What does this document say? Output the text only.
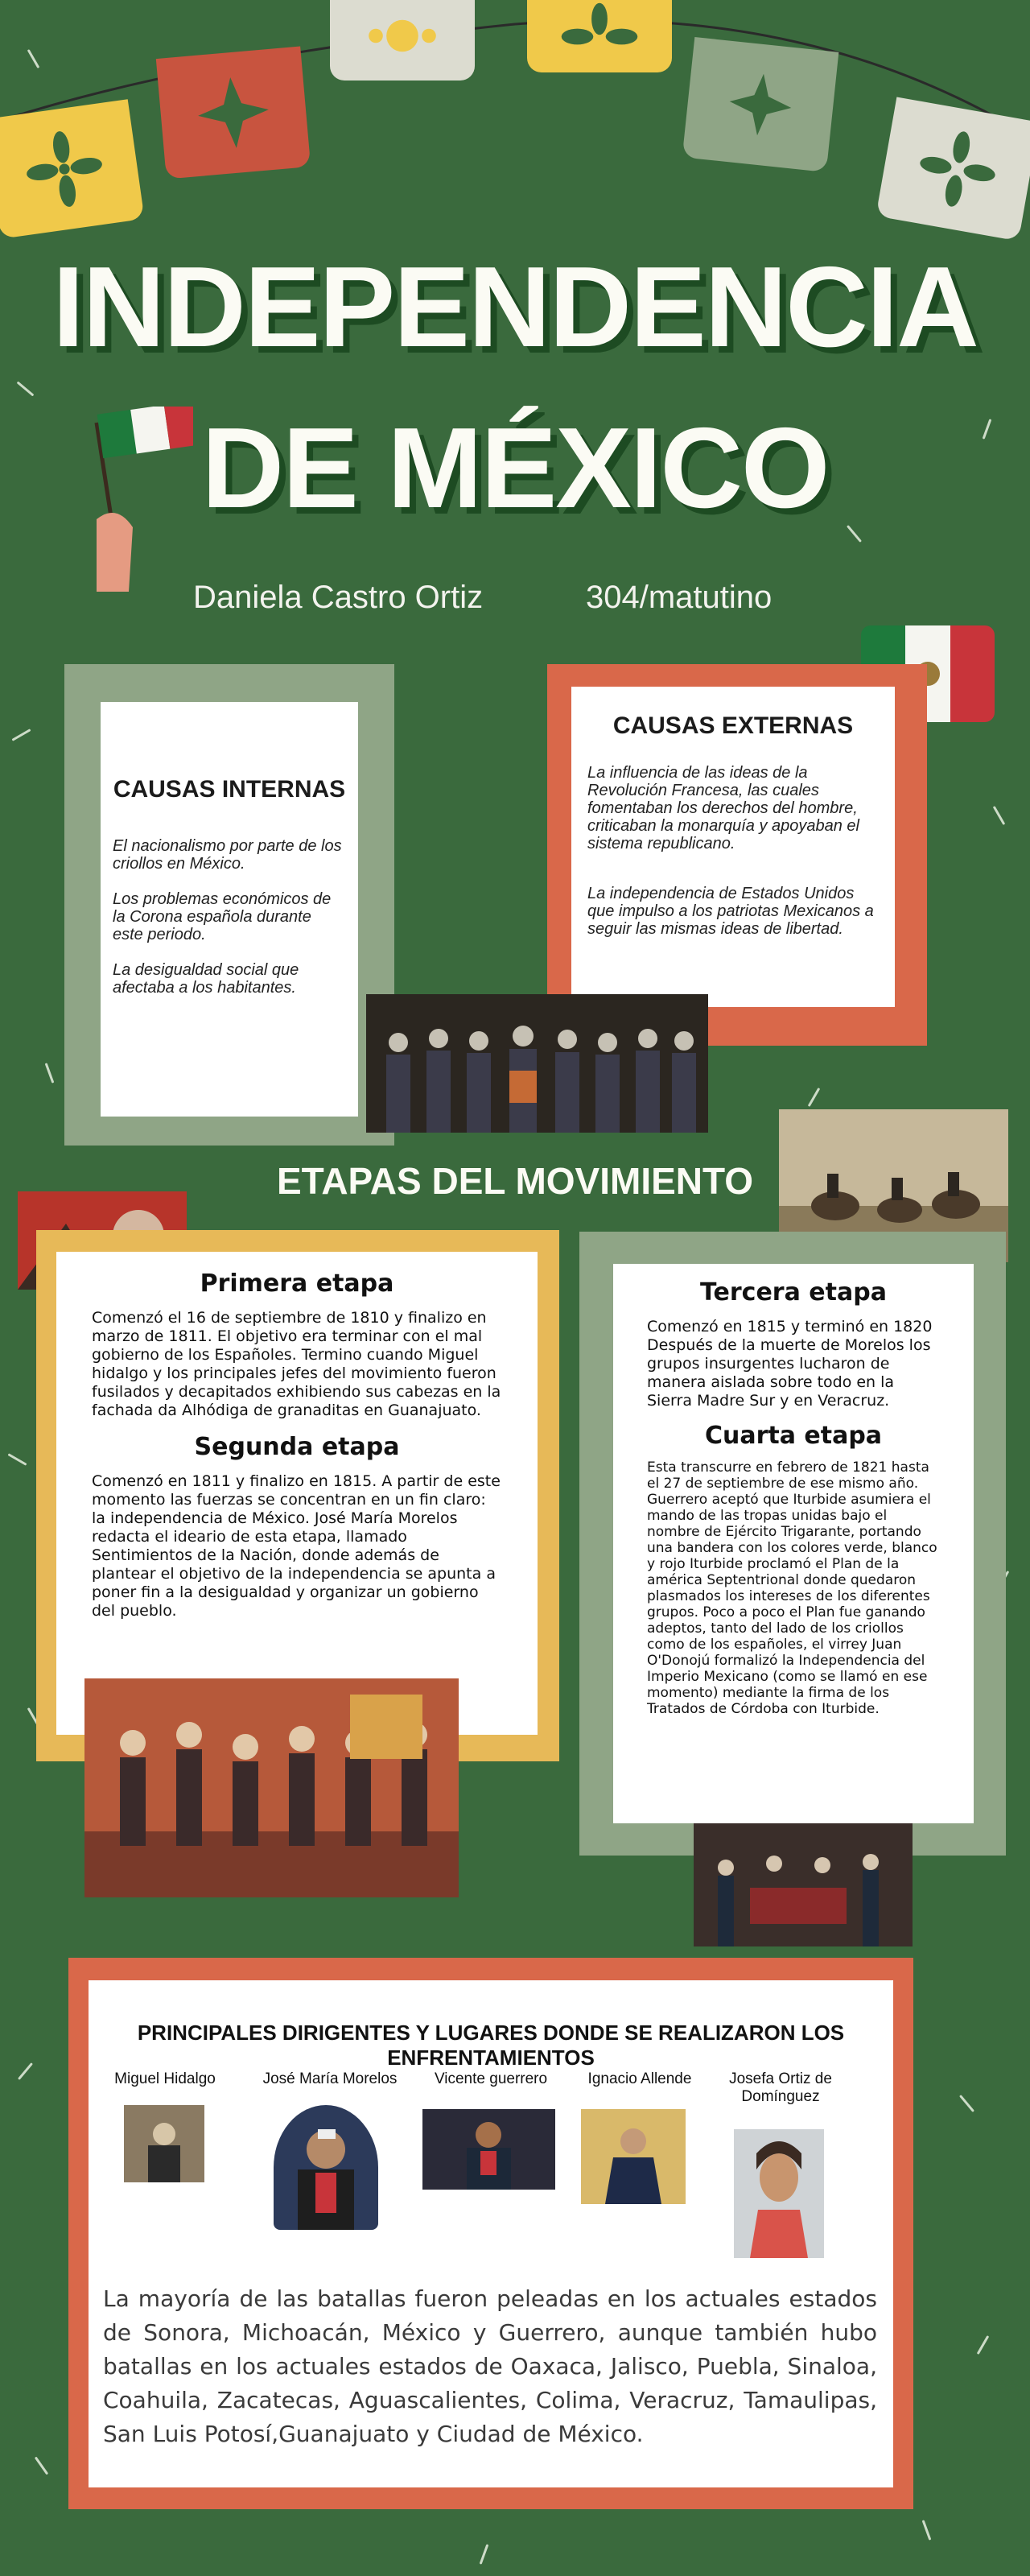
INDEPENDENCIA
DE MÉXICO
Daniela Castro Ortiz	304/matutino
CAUSAS INTERNAS
El nacionalismo por parte de los criollos en México.
Los problemas económicos de la Corona española durante este periodo.
La desigualdad social que afectaba a los habitantes.
CAUSAS EXTERNAS
La influencia de las ideas de la Revolución Francesa, las cuales fomentaban los derechos del hombre, criticaban la monarquía y apoyaban el sistema republicano.
La independencia de Estados Unidos que impulso a los patriotas Mexicanos a seguir las mismas ideas de libertad.
ETAPAS DEL MOVIMIENTO
Primera etapa
Comenzó el 16 de septiembre de 1810 y finalizo en marzo de 1811. El objetivo era terminar con el mal gobierno de los Españoles. Termino cuando Miguel hidalgo y los principales jefes del movimiento fueron fusilados y decapitados exhibiendo sus cabezas en la fachada da Alhódiga de granaditas en Guanajuato.
Segunda etapa
Comenzó en 1811 y finalizo en 1815. A partir de este momento las fuerzas se concentran en un fin claro: la independencia de México. José María Morelos redacta el ideario de esta etapa, llamado Sentimientos de la Nación, donde además de plantear el objetivo de la independencia se apunta a poner fin a la desigualdad y organizar un gobierno del pueblo.
Tercera etapa
Comenzó en 1815 y terminó en 1820 Después de la muerte de Morelos los grupos insurgentes lucharon de manera aislada sobre todo en la Sierra Madre Sur y en Veracruz.
Cuarta etapa
Esta transcurre en febrero de 1821 hasta el 27 de septiembre de ese mismo año. Guerrero aceptó que Iturbide asumiera el mando de las tropas unidas bajo el nombre de Ejército Trigarante, portando una bandera con los colores verde, blanco y rojo Iturbide proclamó el Plan de la américa Septentrional donde quedaron plasmados los intereses de los diferentes grupos. Poco a poco el Plan fue ganando adeptos, tanto del lado de los criollos como de los españoles, el virrey Juan O'Donojú formalizó la Independencia del Imperio Mexicano (como se llamó en ese momento) mediante la firma de los Tratados de Córdoba con Iturbide.
PRINCIPALES DIRIGENTES Y LUGARES DONDE SE REALIZARON LOS ENFRENTAMIENTOS
Miguel Hidalgo	José María Morelos	Vicente guerrero	Ignacio Allende	Josefa Ortiz de Domínguez
La mayoría de las batallas fueron peleadas en los actuales estados de Sonora, Michoacán, México y Guerrero, aunque también hubo batallas en los actuales estados de Oaxaca, Jalisco, Puebla, Sinaloa, Coahuila, Zacatecas, Aguascalientes, Colima, Veracruz, Tamaulipas, San Luis Potosí,Guanajuato y Ciudad de México.
